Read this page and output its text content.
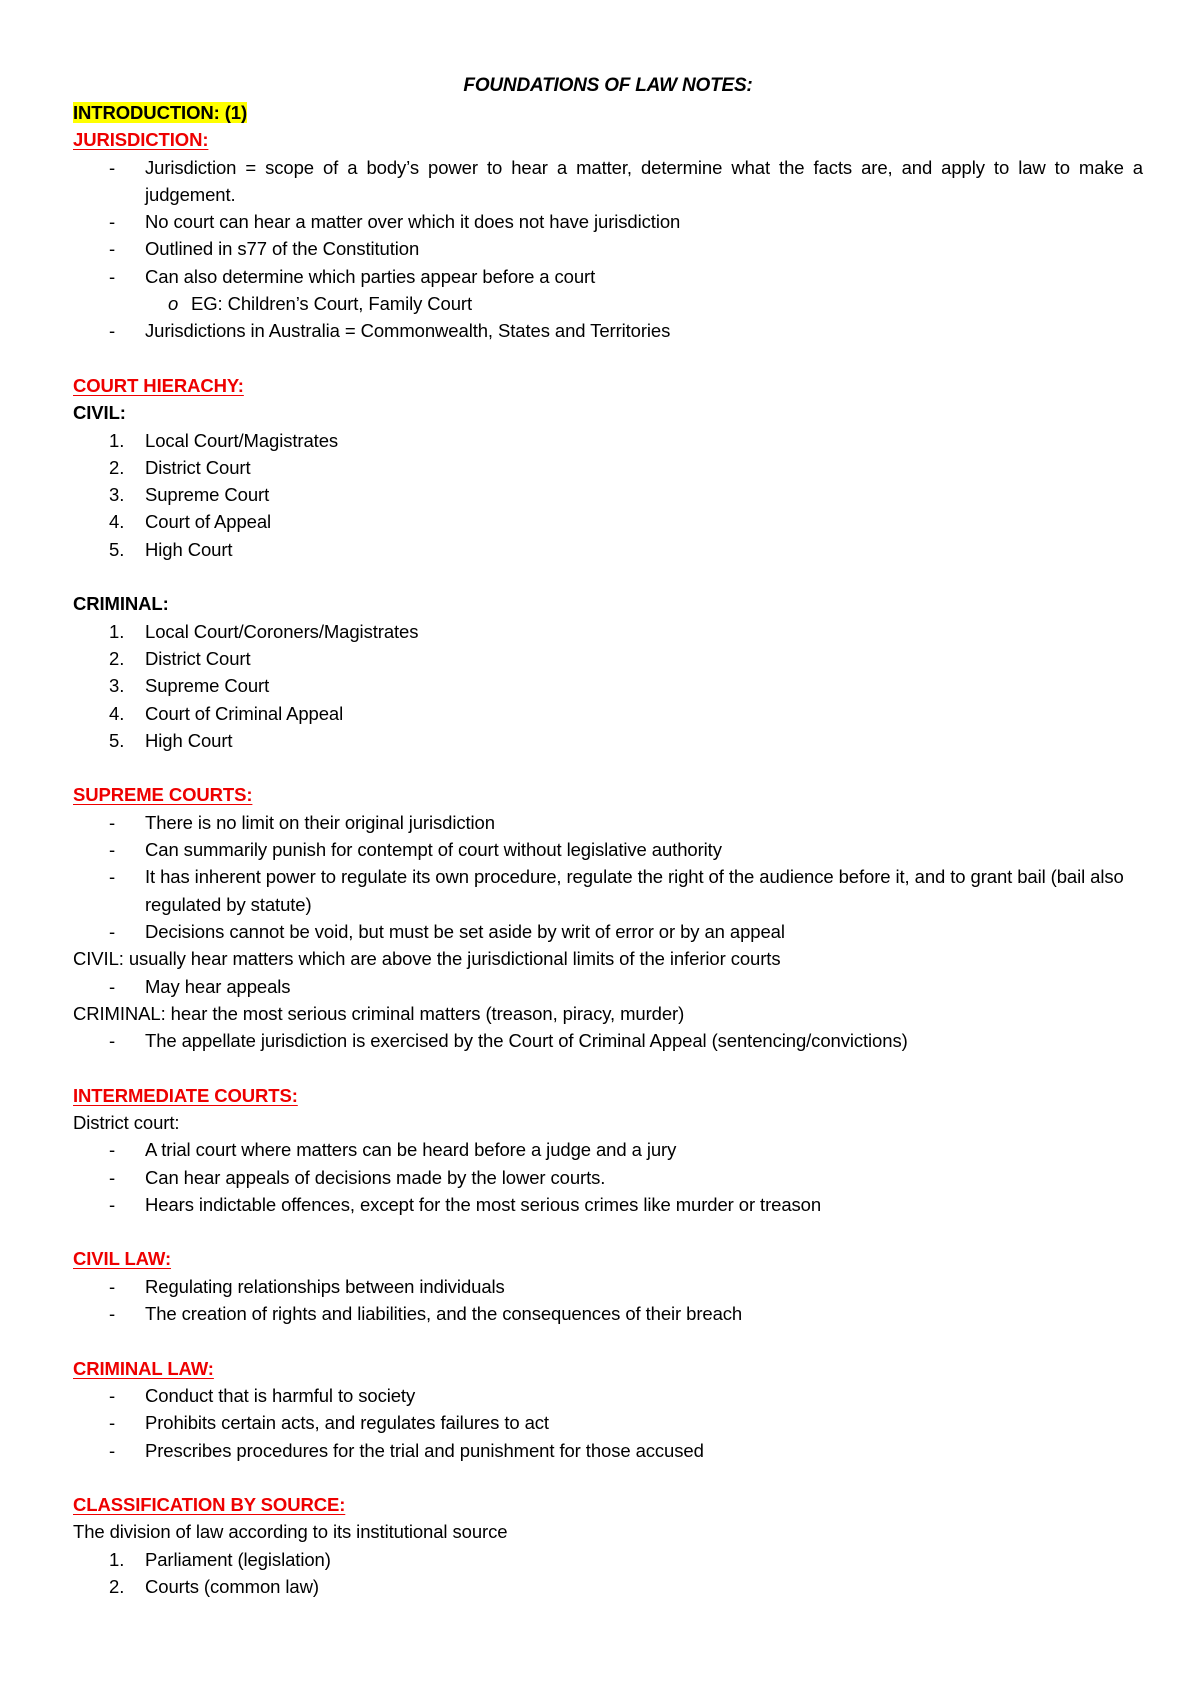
FOUNDATIONS OF LAW NOTES:
INTRODUCTION: (1)
JURISDICTION:
- Jurisdiction = scope of a body’s power to hear a matter, determine what the facts are, and apply to law to make a judgement.
- No court can hear a matter over which it does not have jurisdiction
- Outlined in s77 of the Constitution
- Can also determine which parties appear before a court
o EG: Children’s Court, Family Court
- Jurisdictions in Australia = Commonwealth, States and Territories
COURT HIERACHY:
CIVIL:
1. Local Court/Magistrates
2. District Court
3. Supreme Court
4. Court of Appeal
5. High Court
CRIMINAL:
1. Local Court/Coroners/Magistrates
2. District Court
3. Supreme Court
4. Court of Criminal Appeal
5. High Court
SUPREME COURTS:
- There is no limit on their original jurisdiction
- Can summarily punish for contempt of court without legislative authority
- It has inherent power to regulate its own procedure, regulate the right of the audience before it, and to grant bail (bail also regulated by statute)
- Decisions cannot be void, but must be set aside by writ of error or by an appeal
CIVIL: usually hear matters which are above the jurisdictional limits of the inferior courts
- May hear appeals
CRIMINAL: hear the most serious criminal matters (treason, piracy, murder)
- The appellate jurisdiction is exercised by the Court of Criminal Appeal (sentencing/convictions)
INTERMEDIATE COURTS:
District court:
- A trial court where matters can be heard before a judge and a jury
- Can hear appeals of decisions made by the lower courts.
- Hears indictable offences, except for the most serious crimes like murder or treason
CIVIL LAW:
- Regulating relationships between individuals
- The creation of rights and liabilities, and the consequences of their breach
CRIMINAL LAW:
- Conduct that is harmful to society
- Prohibits certain acts, and regulates failures to act
- Prescribes procedures for the trial and punishment for those accused
CLASSIFICATION BY SOURCE:
The division of law according to its institutional source
1. Parliament (legislation)
2. Courts (common law)
